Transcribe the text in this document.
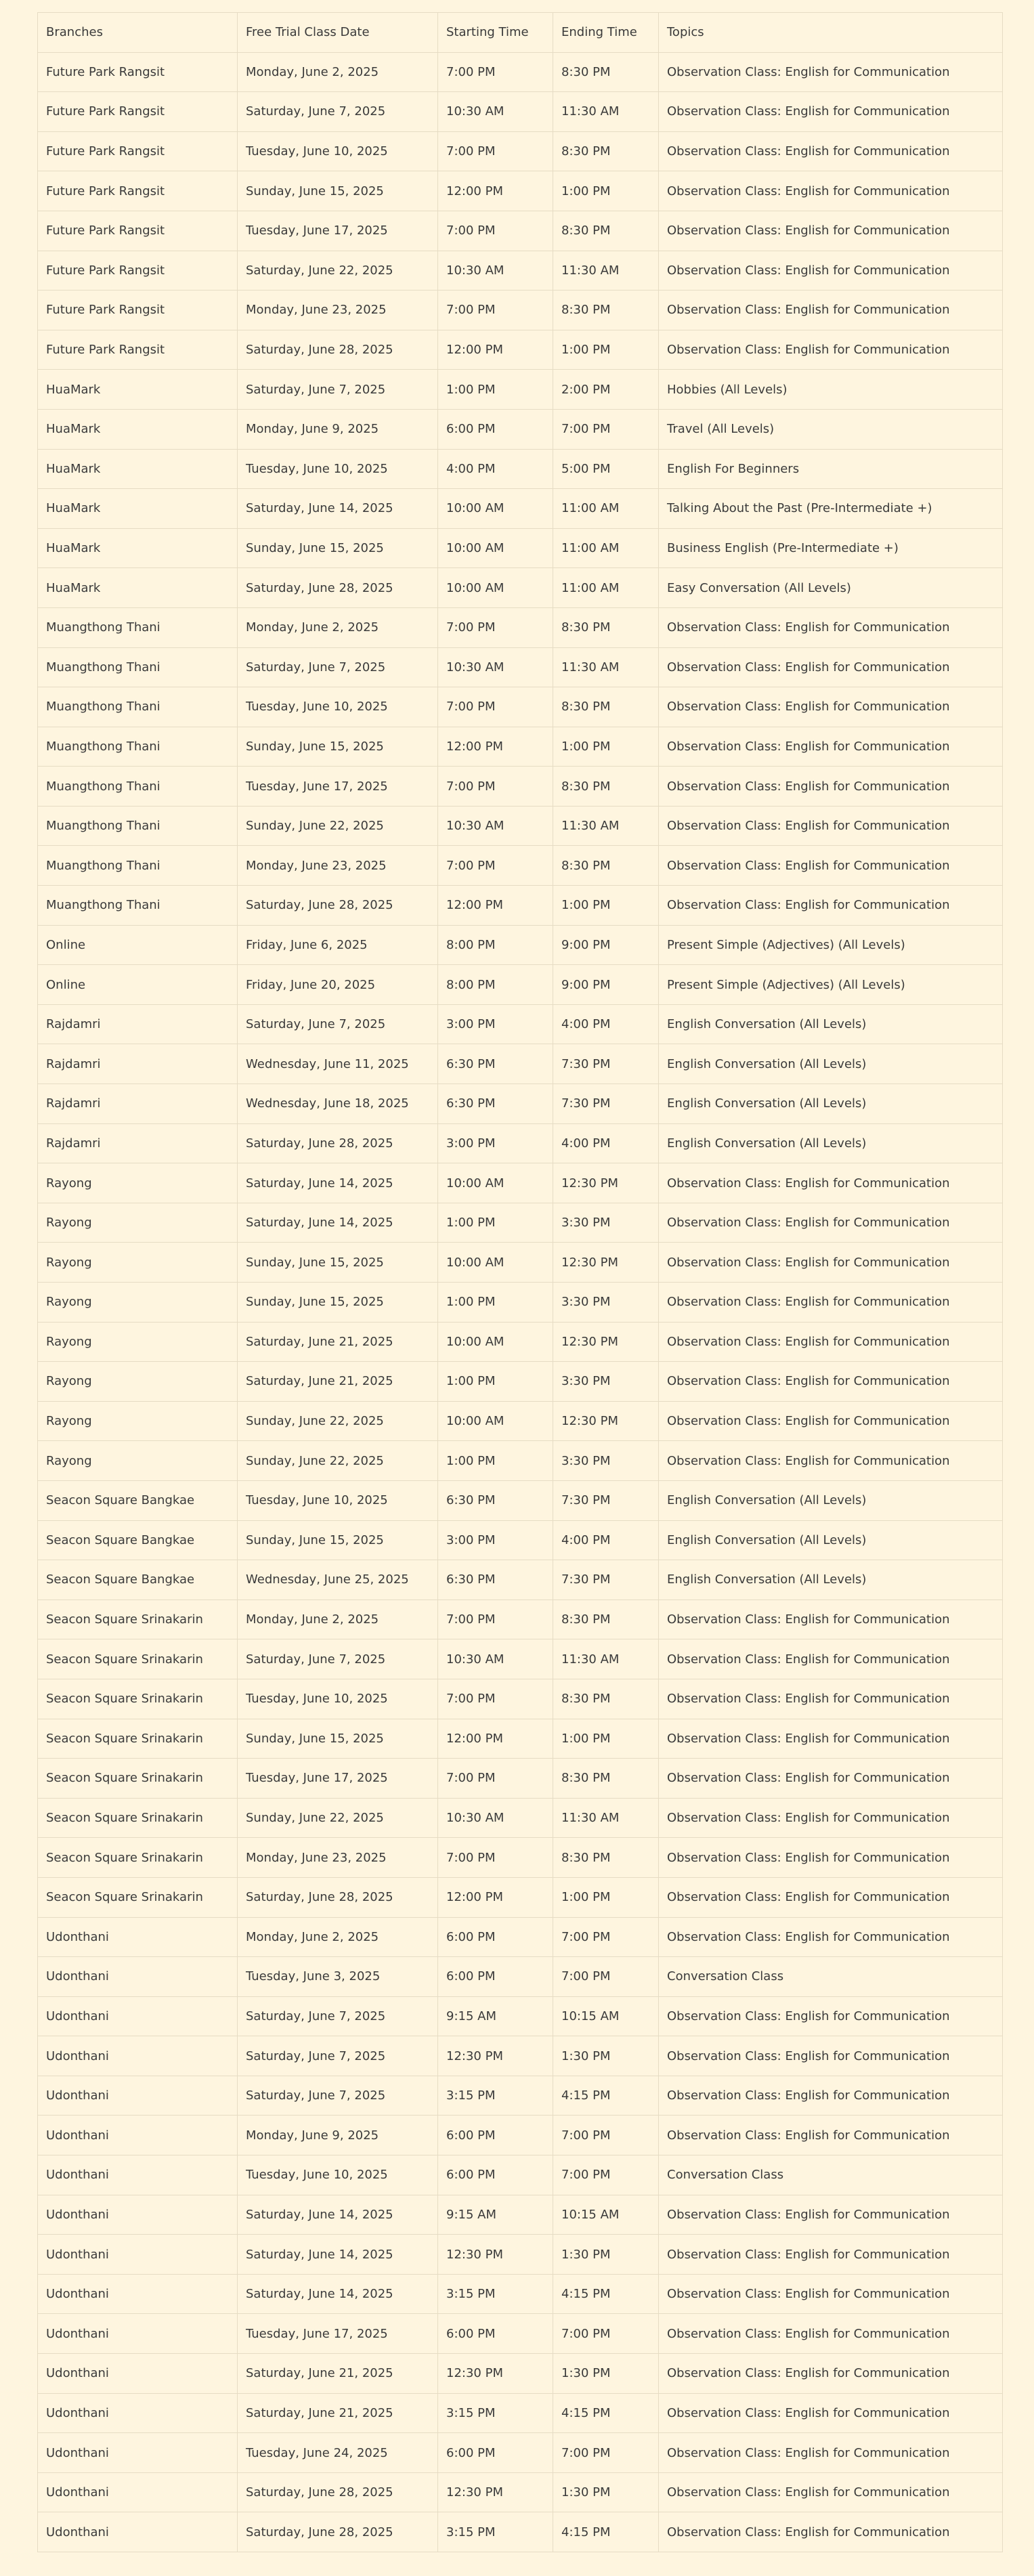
Branches	Free Trial Class Date	Starting Time	Ending Time	Topics
Future Park Rangsit	Monday, June 2, 2025	7:00 PM	8:30 PM	Observation Class: English for Communication
Future Park Rangsit	Saturday, June 7, 2025	10:30 AM	11:30 AM	Observation Class: English for Communication
Future Park Rangsit	Tuesday, June 10, 2025	7:00 PM	8:30 PM	Observation Class: English for Communication
Future Park Rangsit	Sunday, June 15, 2025	12:00 PM	1:00 PM	Observation Class: English for Communication
Future Park Rangsit	Tuesday, June 17, 2025	7:00 PM	8:30 PM	Observation Class: English for Communication
Future Park Rangsit	Saturday, June 22, 2025	10:30 AM	11:30 AM	Observation Class: English for Communication
Future Park Rangsit	Monday, June 23, 2025	7:00 PM	8:30 PM	Observation Class: English for Communication
Future Park Rangsit	Saturday, June 28, 2025	12:00 PM	1:00 PM	Observation Class: English for Communication
HuaMark	Saturday, June 7, 2025	1:00 PM	2:00 PM	Hobbies (All Levels)
HuaMark	Monday, June 9, 2025	6:00 PM	7:00 PM	Travel (All Levels)
HuaMark	Tuesday, June 10, 2025	4:00 PM	5:00 PM	English For Beginners
HuaMark	Saturday, June 14, 2025	10:00 AM	11:00 AM	Talking About the Past (Pre-Intermediate +)
HuaMark	Sunday, June 15, 2025	10:00 AM	11:00 AM	Business English (Pre-Intermediate +)
HuaMark	Saturday, June 28, 2025	10:00 AM	11:00 AM	Easy Conversation (All Levels)
Muangthong Thani	Monday, June 2, 2025	7:00 PM	8:30 PM	Observation Class: English for Communication
Muangthong Thani	Saturday, June 7, 2025	10:30 AM	11:30 AM	Observation Class: English for Communication
Muangthong Thani	Tuesday, June 10, 2025	7:00 PM	8:30 PM	Observation Class: English for Communication
Muangthong Thani	Sunday, June 15, 2025	12:00 PM	1:00 PM	Observation Class: English for Communication
Muangthong Thani	Tuesday, June 17, 2025	7:00 PM	8:30 PM	Observation Class: English for Communication
Muangthong Thani	Sunday, June 22, 2025	10:30 AM	11:30 AM	Observation Class: English for Communication
Muangthong Thani	Monday, June 23, 2025	7:00 PM	8:30 PM	Observation Class: English for Communication
Muangthong Thani	Saturday, June 28, 2025	12:00 PM	1:00 PM	Observation Class: English for Communication
Online	Friday, June 6, 2025	8:00 PM	9:00 PM	Present Simple (Adjectives) (All Levels)
Online	Friday, June 20, 2025	8:00 PM	9:00 PM	Present Simple (Adjectives) (All Levels)
Rajdamri	Saturday, June 7, 2025	3:00 PM	4:00 PM	English Conversation (All Levels)
Rajdamri	Wednesday, June 11, 2025	6:30 PM	7:30 PM	English Conversation (All Levels)
Rajdamri	Wednesday, June 18, 2025	6:30 PM	7:30 PM	English Conversation (All Levels)
Rajdamri	Saturday, June 28, 2025	3:00 PM	4:00 PM	English Conversation (All Levels)
Rayong	Saturday, June 14, 2025	10:00 AM	12:30 PM	Observation Class: English for Communication
Rayong	Saturday, June 14, 2025	1:00 PM	3:30 PM	Observation Class: English for Communication
Rayong	Sunday, June 15, 2025	10:00 AM	12:30 PM	Observation Class: English for Communication
Rayong	Sunday, June 15, 2025	1:00 PM	3:30 PM	Observation Class: English for Communication
Rayong	Saturday, June 21, 2025	10:00 AM	12:30 PM	Observation Class: English for Communication
Rayong	Saturday, June 21, 2025	1:00 PM	3:30 PM	Observation Class: English for Communication
Rayong	Sunday, June 22, 2025	10:00 AM	12:30 PM	Observation Class: English for Communication
Rayong	Sunday, June 22, 2025	1:00 PM	3:30 PM	Observation Class: English for Communication
Seacon Square Bangkae	Tuesday, June 10, 2025	6:30 PM	7:30 PM	English Conversation (All Levels)
Seacon Square Bangkae	Sunday, June 15, 2025	3:00 PM	4:00 PM	English Conversation (All Levels)
Seacon Square Bangkae	Wednesday, June 25, 2025	6:30 PM	7:30 PM	English Conversation (All Levels)
Seacon Square Srinakarin	Monday, June 2, 2025	7:00 PM	8:30 PM	Observation Class: English for Communication
Seacon Square Srinakarin	Saturday, June 7, 2025	10:30 AM	11:30 AM	Observation Class: English for Communication
Seacon Square Srinakarin	Tuesday, June 10, 2025	7:00 PM	8:30 PM	Observation Class: English for Communication
Seacon Square Srinakarin	Sunday, June 15, 2025	12:00 PM	1:00 PM	Observation Class: English for Communication
Seacon Square Srinakarin	Tuesday, June 17, 2025	7:00 PM	8:30 PM	Observation Class: English for Communication
Seacon Square Srinakarin	Sunday, June 22, 2025	10:30 AM	11:30 AM	Observation Class: English for Communication
Seacon Square Srinakarin	Monday, June 23, 2025	7:00 PM	8:30 PM	Observation Class: English for Communication
Seacon Square Srinakarin	Saturday, June 28, 2025	12:00 PM	1:00 PM	Observation Class: English for Communication
Udonthani	Monday, June 2, 2025	6:00 PM	7:00 PM	Observation Class: English for Communication
Udonthani	Tuesday, June 3, 2025	6:00 PM	7:00 PM	Conversation Class
Udonthani	Saturday, June 7, 2025	9:15 AM	10:15 AM	Observation Class: English for Communication
Udonthani	Saturday, June 7, 2025	12:30 PM	1:30 PM	Observation Class: English for Communication
Udonthani	Saturday, June 7, 2025	3:15 PM	4:15 PM	Observation Class: English for Communication
Udonthani	Monday, June 9, 2025	6:00 PM	7:00 PM	Observation Class: English for Communication
Udonthani	Tuesday, June 10, 2025	6:00 PM	7:00 PM	Conversation Class
Udonthani	Saturday, June 14, 2025	9:15 AM	10:15 AM	Observation Class: English for Communication
Udonthani	Saturday, June 14, 2025	12:30 PM	1:30 PM	Observation Class: English for Communication
Udonthani	Saturday, June 14, 2025	3:15 PM	4:15 PM	Observation Class: English for Communication
Udonthani	Tuesday, June 17, 2025	6:00 PM	7:00 PM	Observation Class: English for Communication
Udonthani	Saturday, June 21, 2025	12:30 PM	1:30 PM	Observation Class: English for Communication
Udonthani	Saturday, June 21, 2025	3:15 PM	4:15 PM	Observation Class: English for Communication
Udonthani	Tuesday, June 24, 2025	6:00 PM	7:00 PM	Observation Class: English for Communication
Udonthani	Saturday, June 28, 2025	12:30 PM	1:30 PM	Observation Class: English for Communication
Udonthani	Saturday, June 28, 2025	3:15 PM	4:15 PM	Observation Class: English for Communication
